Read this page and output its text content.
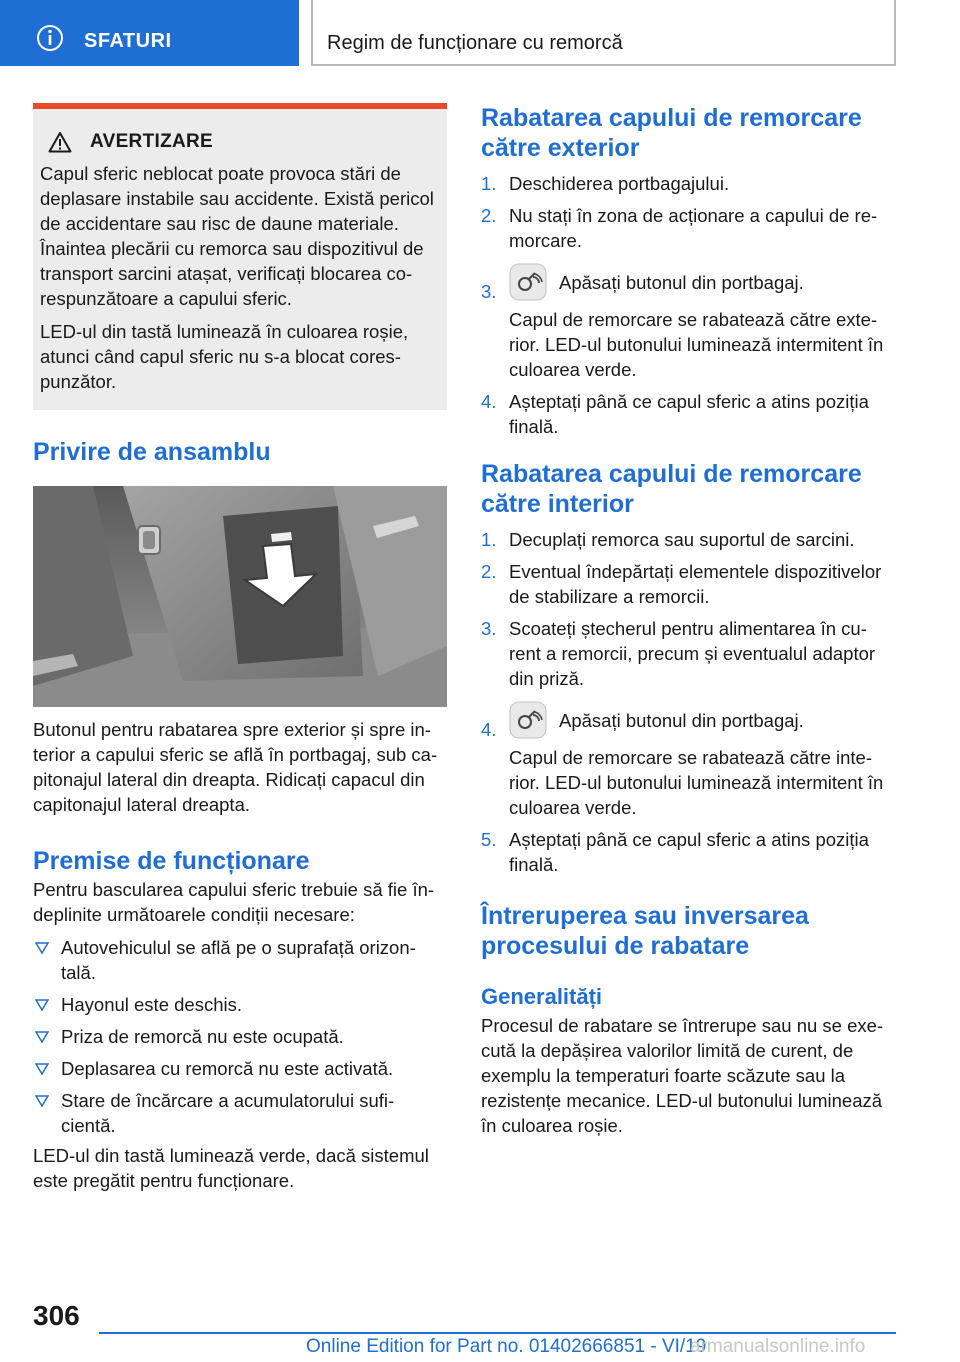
SFATURI	Regim de funcționare cu remorcă
AVERTIZARE

Capul sferic neblocat poate provoca stări de deplasare instabile sau accidente. Există pericol de accidentare sau risc de daune materiale. Înaintea plecării cu remorca sau dispozitivul de transport sarcini atașat, verificați blocarea co-respunzătoare a capului sferic.

LED-ul din tastă luminează în culoarea roșie, atunci când capul sferic nu s-a blocat cores-punzător.

Privire de ansamblu

Butonul pentru rabatarea spre exterior și spre in-terior a capului sferic se află în portbagaj, sub ca-pitonajul lateral din dreapta. Ridicați capacul din capitonajul lateral dreapta.

Premise de funcționare

Pentru bascularea capului sferic trebuie să fie în-deplinite următoarele condiții necesare:

Autovehiculul se află pe o suprafață orizon-tală.
Hayonul este deschis.
Priza de remorcă nu este ocupată.
Deplasarea cu remorcă nu este activată.
Stare de încărcare a acumulatorului sufi-cientă.

LED-ul din tastă luminează verde, dacă sistemul este pregătit pentru funcționare.

Rabatarea capului de remorcare către exterior
1. Deschiderea portbagajului.
2. Nu stați în zona de acționare a capului de re-morcare.
3.	Apăsați butonul din portbagaj.
Capul de remorcare se rabatează către exte-rior. LED-ul butonului luminează intermitent în culoarea verde.
4. Așteptați până ce capul sferic a atins poziția finală.
Rabatarea capului de remorcare către interior
1. Decuplați remorca sau suportul de sarcini.
2. Eventual îndepărtați elementele dispozitivelor de stabilizare a remorcii.
3. Scoateți ștecherul pentru alimentarea în cu-rent a remorcii, precum și eventualul adaptor din priză.
4.	Apăsați butonul din portbagaj.
Capul de remorcare se rabatează către inte-rior. LED-ul butonului luminează intermitent în culoarea verde.
5. Așteptați până ce capul sferic a atins poziția finală.
Întreruperea sau inversarea procesului de rabatare
Generalități

Procesul de rabatare se întrerupe sau nu se exe-cută la depășirea valorilor limită de curent, de exemplu la temperaturi foarte scăzute sau la rezistențe mecanice. LED-ul butonului luminează în culoarea roșie.

306
Online Edition for Part no. 01402666851 - VI/19
armanualsonline.info
